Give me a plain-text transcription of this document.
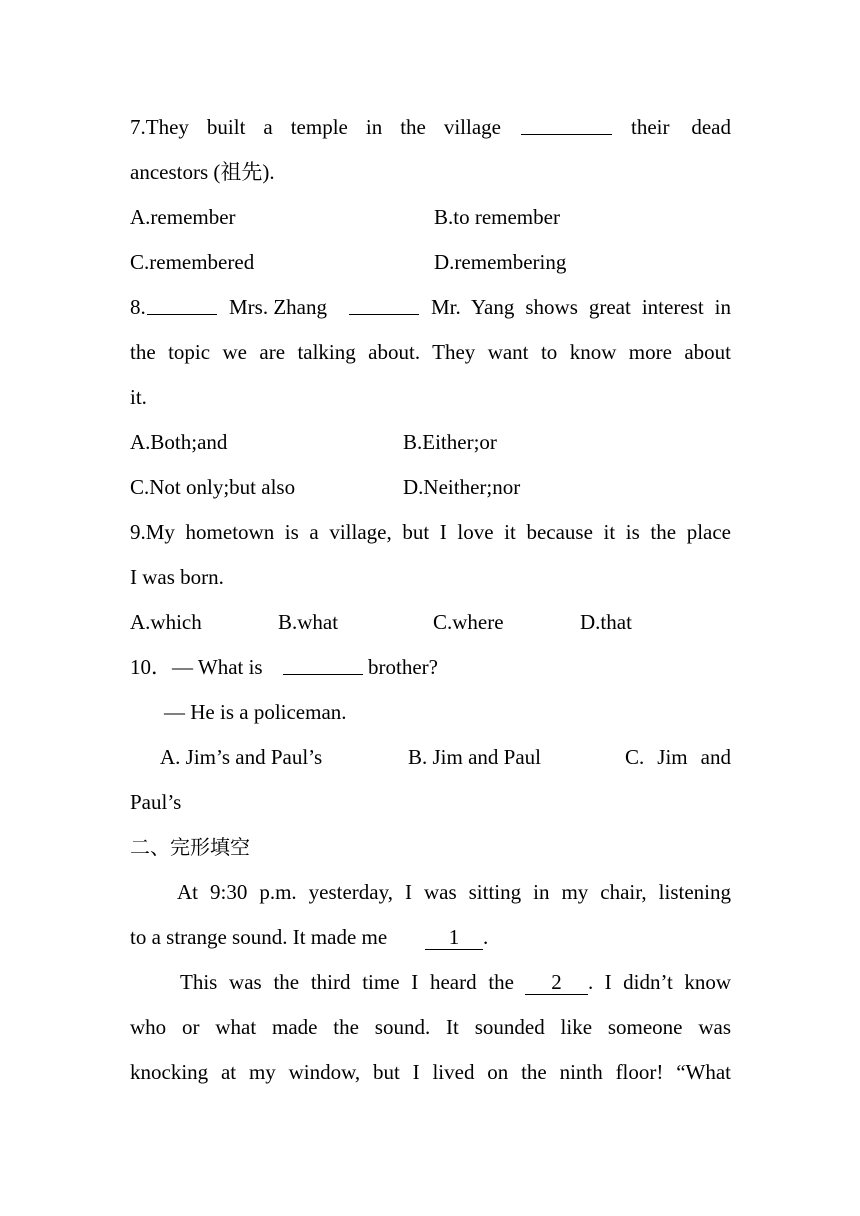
7.They built a temple in the village	their dead
ancestors (祖先).
A.remember	B.to remember
C.remembered	D.remembering
8.	Mrs. Zhang	Mr. Yang shows great interest in
the topic we are talking about. They want to know more about
it.
A.Both;and	B.Either;or
C.Not only;but also	D.Neither;nor
9.My hometown is a village, but I love it because it is the place
I was born.
A.which	B.what	C.where	D.that
10．— What is	brother?
— He is a policeman.
A. Jim’s and Paul’s	B. Jim and Paul	C. Jim and
Paul’s
二、完形填空
At 9:30 p.m. yesterday, I was sitting in my chair, listening
to a strange sound. It made me	1	.
This was the third time I heard the	2	. I didn’t know
who or what made the sound. It sounded like someone was
knocking at my window, but I lived on the ninth floor! “What
